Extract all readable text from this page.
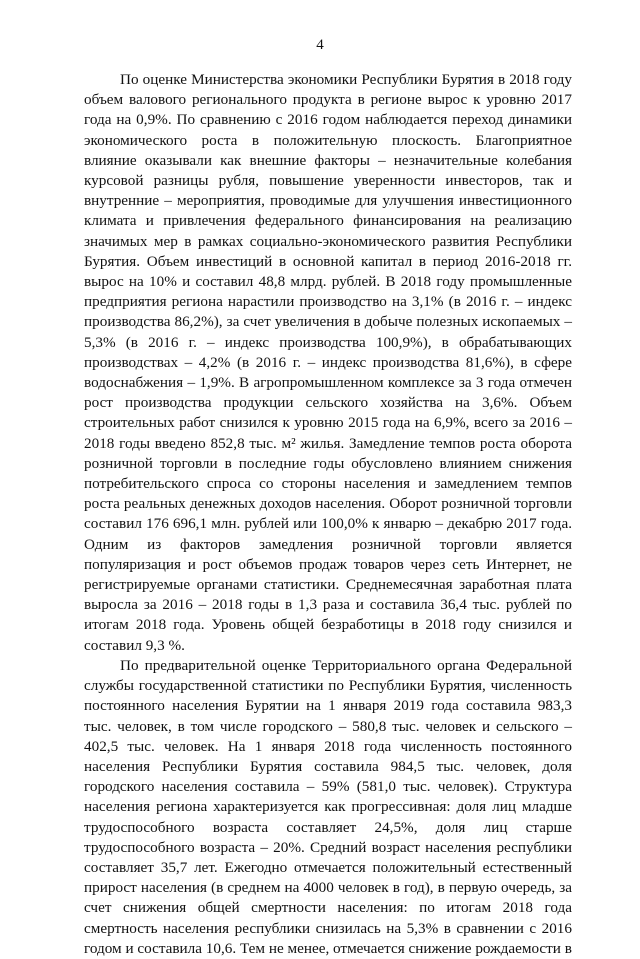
4

По оценке Министерства экономики Республики Бурятия в 2018 году объем валового регионального продукта в регионе вырос к уровню 2017 года на 0,9%. По сравнению с 2016 годом наблюдается переход динамики экономического роста в положительную плоскость. Благоприятное влияние оказывали как внешние факторы – незначительные колебания курсовой разницы рубля, повышение уверенности инвесторов, так и внутренние – мероприятия, проводимые для улучшения инвестиционного климата и привлечения федерального финансирования на реализацию значимых мер в рамках социально-экономического развития Республики Бурятия. Объем инвестиций в основной капитал в период 2016-2018 гг. вырос на 10% и составил 48,8 млрд. рублей. В 2018 году промышленные предприятия региона нарастили производство на 3,1% (в 2016 г. – индекс производства 86,2%), за счет увеличения в добыче полезных ископаемых – 5,3% (в 2016 г. – индекс производства 100,9%), в обрабатывающих производствах – 4,2% (в 2016 г. – индекс производства 81,6%), в сфере водоснабжения – 1,9%. В агропромышленном комплексе за 3 года отмечен рост производства продукции сельского хозяйства на 3,6%. Объем строительных работ снизился к уровню 2015 года на 6,9%, всего за 2016 – 2018 годы введено 852,8 тыс. м² жилья. Замедление темпов роста оборота розничной торговли в последние годы обусловлено влиянием снижения потребительского спроса со стороны населения и замедлением темпов роста реальных денежных доходов населения. Оборот розничной торговли составил 176 696,1 млн. рублей или 100,0% к январю – декабрю 2017 года. Одним из факторов замедления розничной торговли является популяризация и рост объемов продаж товаров через сеть Интернет, не регистрируемые органами статистики. Среднемесячная заработная плата выросла за 2016 – 2018 годы в 1,3 раза и составила 36,4 тыс. рублей по итогам 2018 года. Уровень общей безработицы в 2018 году снизился и составил 9,3 %.

По предварительной оценке Территориального органа Федеральной службы государственной статистики по Республики Бурятия, численность постоянного населения Бурятии на 1 января 2019 года составила 983,3 тыс. человек, в том числе городского – 580,8 тыс. человек и сельского – 402,5 тыс. человек. На 1 января 2018 года численность постоянного населения Республики Бурятия составила 984,5 тыс. человек, доля городского населения составила – 59% (581,0 тыс. человек). Структура населения региона характеризуется как прогрессивная: доля лиц младше трудоспособного возраста составляет 24,5%, доля лиц старше трудоспособного возраста – 20%. Средний возраст населения республики составляет 35,7 лет. Ежегодно отмечается положительный естественный прирост населения (в среднем на 4000 человек в год), в первую очередь, за счет снижения общей смертности населения: по итогам 2018 года смертность населения республики снизилась на 5,3% в сравнении с 2016 годом и составила 10,6. Тем не менее, отмечается снижение рождаемости в
